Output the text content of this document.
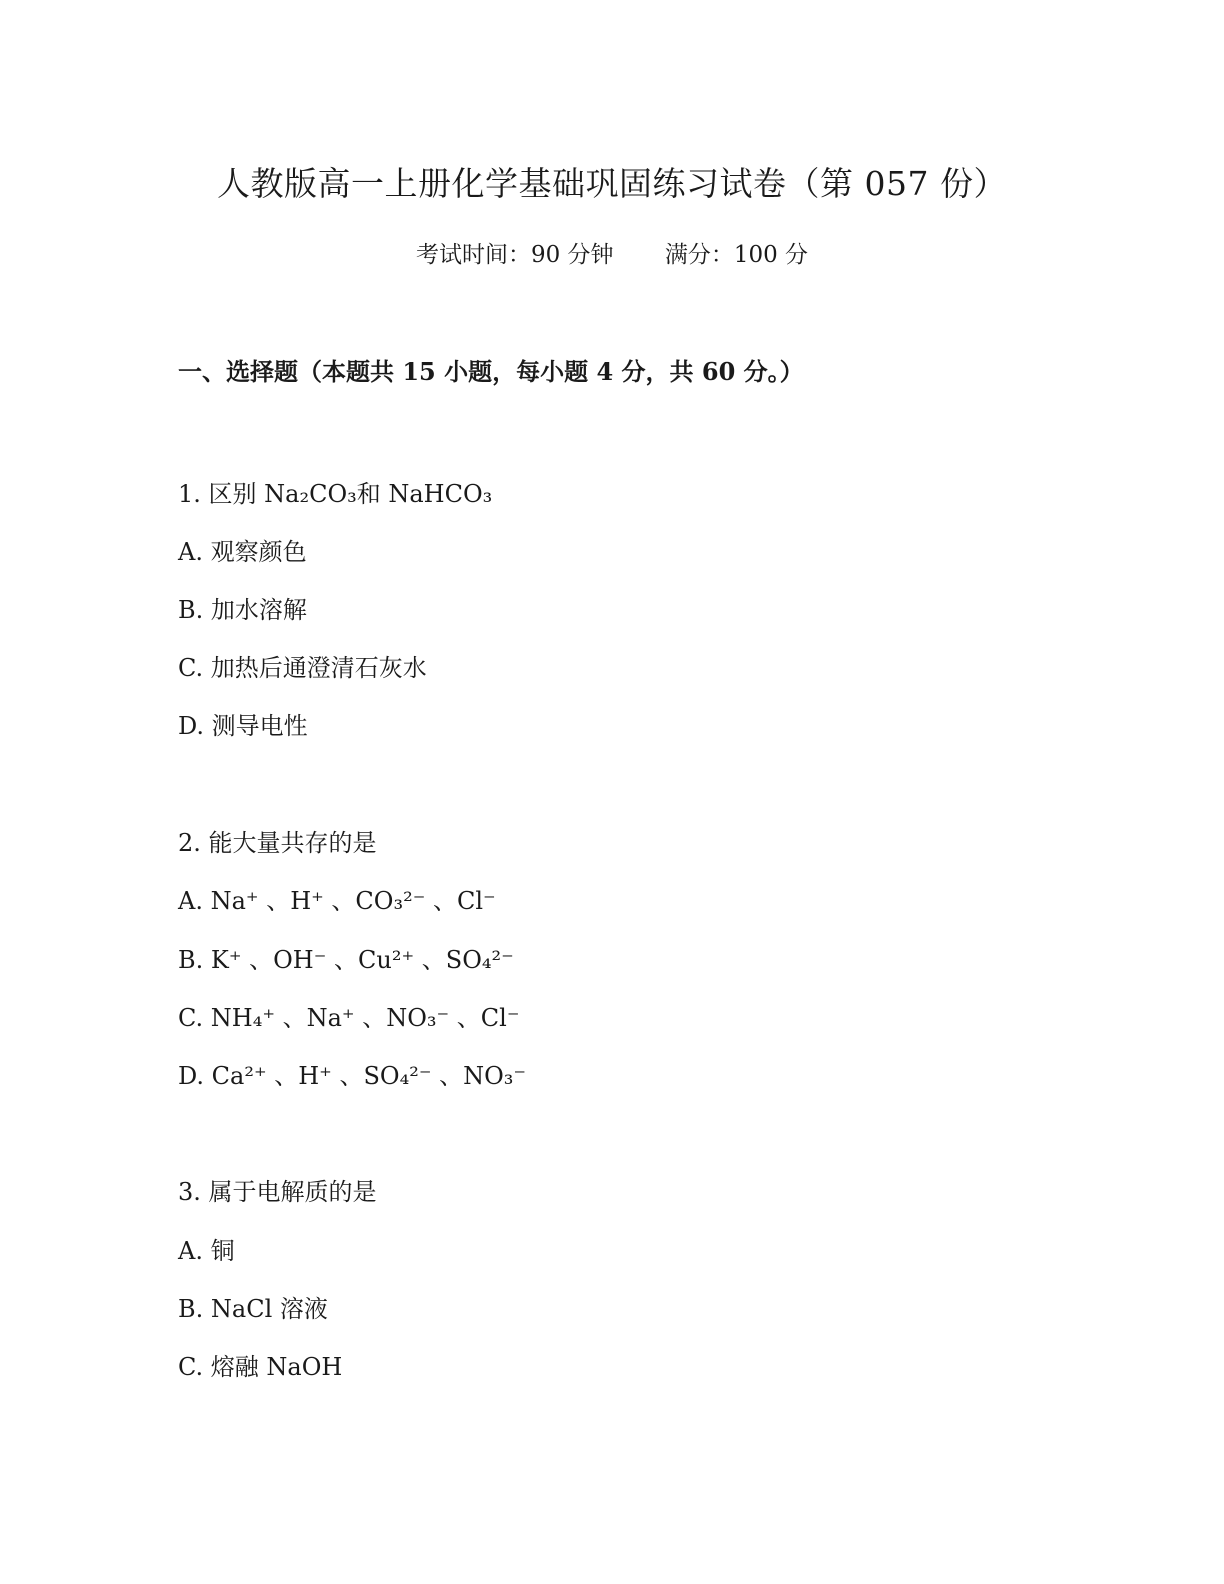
人教版高一上册化学基础巩固练习试卷（第 057 份）
考试时间：90 分钟 满分：100 分
一、选择题（本题共 15 小题，每小题 4 分，共 60 分。）
1. 区别 Na₂CO₃和 NaHCO₃
A. 观察颜色
B. 加水溶解
C. 加热后通澄清石灰水
D. 测导电性
2. 能大量共存的是
A. Na⁺ 、H⁺ 、CO₃²⁻ 、Cl⁻
B. K⁺ 、OH⁻ 、Cu²⁺ 、SO₄²⁻
C. NH₄⁺ 、Na⁺ 、NO₃⁻ 、Cl⁻
D. Ca²⁺ 、H⁺ 、SO₄²⁻ 、NO₃⁻
3. 属于电解质的是
A. 铜
B. NaCl 溶液
C. 熔融 NaOH
